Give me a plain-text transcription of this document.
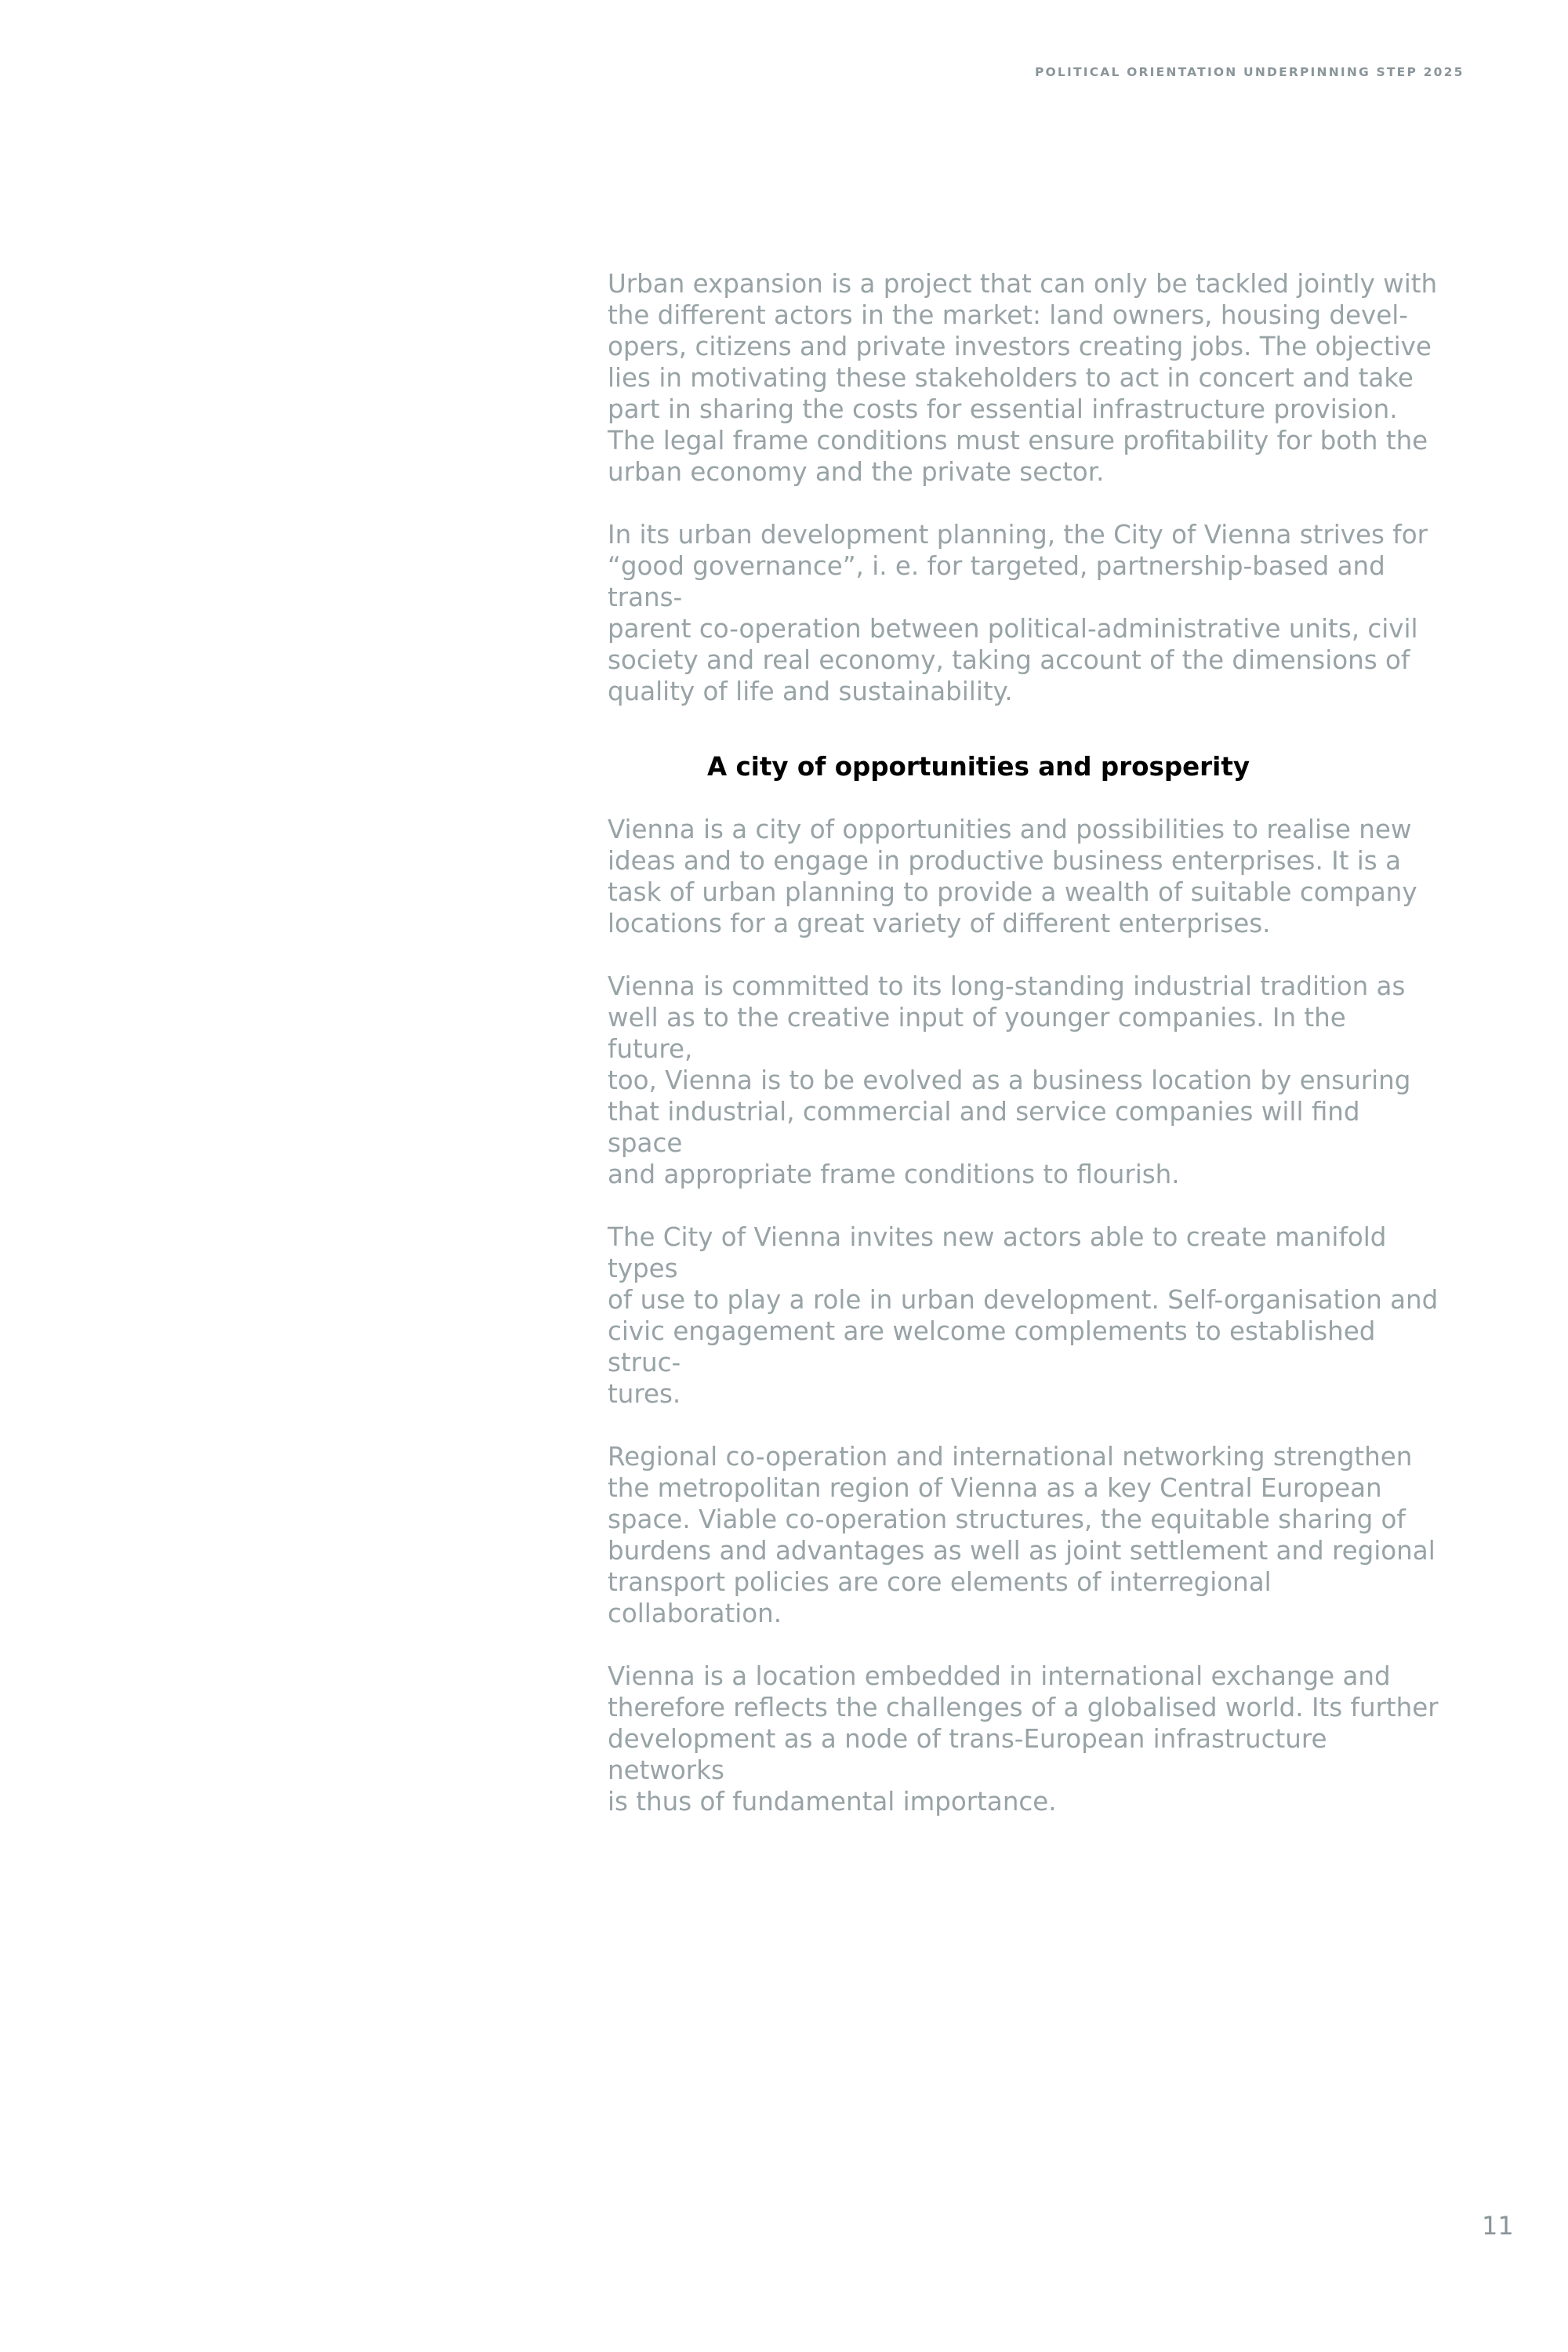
POLITICAL ORIENTATION UNDERPINNING STEP 2025

Urban expansion is a project that can only be tackled jointly with
the different actors in the market: land owners, housing devel-
opers, citizens and private investors creating jobs. The objective
lies in motivating these stakeholders to act in concert and take
part in sharing the costs for essential infrastructure provision.
The legal frame conditions must ensure profitability for both the
urban economy and the private sector.

In its urban development planning, the City of Vienna strives for
“good governance”, i. e. for targeted, partnership-based and trans-
parent co-operation between political-administrative units, civil
society and real economy, taking account of the dimensions of
quality of life and sustainability.

A city of opportunities and prosperity

Vienna is a city of opportunities and possibilities to realise new
ideas and to engage in productive business enterprises. It is a
task of urban planning to provide a wealth of suitable company
locations for a great variety of different enterprises.

Vienna is committed to its long-standing industrial tradition as
well as to the creative input of younger companies. In the future,
too, Vienna is to be evolved as a business location by ensuring
that industrial, commercial and service companies will find space
and appropriate frame conditions to flourish.

The City of Vienna invites new actors able to create manifold types
of use to play a role in urban development. Self-organisation and
civic engagement are welcome complements to established struc-
tures.

Regional co-operation and international networking strengthen
the metropolitan region of Vienna as a key Central European
space. Viable co-operation structures, the equitable sharing of
burdens and advantages as well as joint settlement and regional
transport policies are core elements of interregional collaboration.

Vienna is a location embedded in international exchange and
therefore reflects the challenges of a globalised world. Its further
development as a node of trans-European infrastructure networks
is thus of fundamental importance.

11
